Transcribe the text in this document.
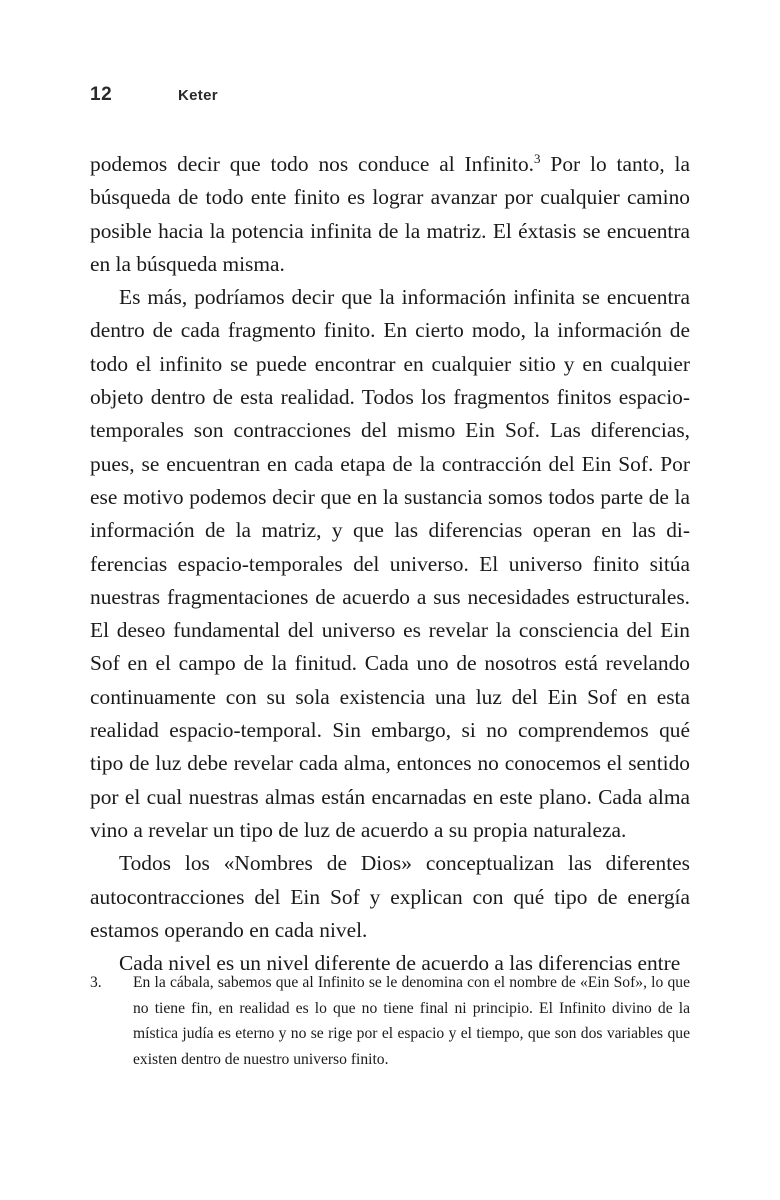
12	Keter

podemos decir que todo nos conduce al Infinito.$^3$ Por lo tanto, la búsqueda de todo ente finito es lograr avanzar por cualquier camino posible hacia la potencia infinita de la matriz. El éxtasis se encuentra en la búsqueda misma.

Es más, podríamos decir que la información infinita se encuentra dentro de cada fragmento finito. En cierto modo, la información de todo el infinito se puede encontrar en cualquier sitio y en cualquier objeto dentro de esta realidad. Todos los fragmentos finitos espaciotemporales son contracciones del mismo Ein Sof. Las diferencias, pues, se encuentran en cada etapa de la contracción del Ein Sof. Por ese motivo podemos decir que en la sustancia somos todos parte de la información de la matriz, y que las diferencias operan en las diferencias espacio-temporales del universo. El universo finito sitúa nuestras fragmentaciones de acuerdo a sus necesidades estructurales. El deseo fundamental del universo es revelar la consciencia del Ein Sof en el campo de la finitud. Cada uno de nosotros está revelando continuamente con su sola existencia una luz del Ein Sof en esta realidad espacio-temporal. Sin embargo, si no comprendemos qué tipo de luz debe revelar cada alma, entonces no conocemos el sentido por el cual nuestras almas están encarnadas en este plano. Cada alma vino a revelar un tipo de luz de acuerdo a su propia naturaleza.

Todos los «Nombres de Dios» conceptualizan las diferentes autocontracciones del Ein Sof y explican con qué tipo de energía estamos operando en cada nivel.

Cada nivel es un nivel diferente de acuerdo a las diferencias entre

3.	En la cábala, sabemos que al Infinito se le denomina con el nombre de «Ein Sof», lo que no tiene fin, en realidad es lo que no tiene final ni principio. El Infinito divino de la mística judía es eterno y no se rige por el espacio y el tiempo, que son dos variables que existen dentro de nuestro universo finito.
